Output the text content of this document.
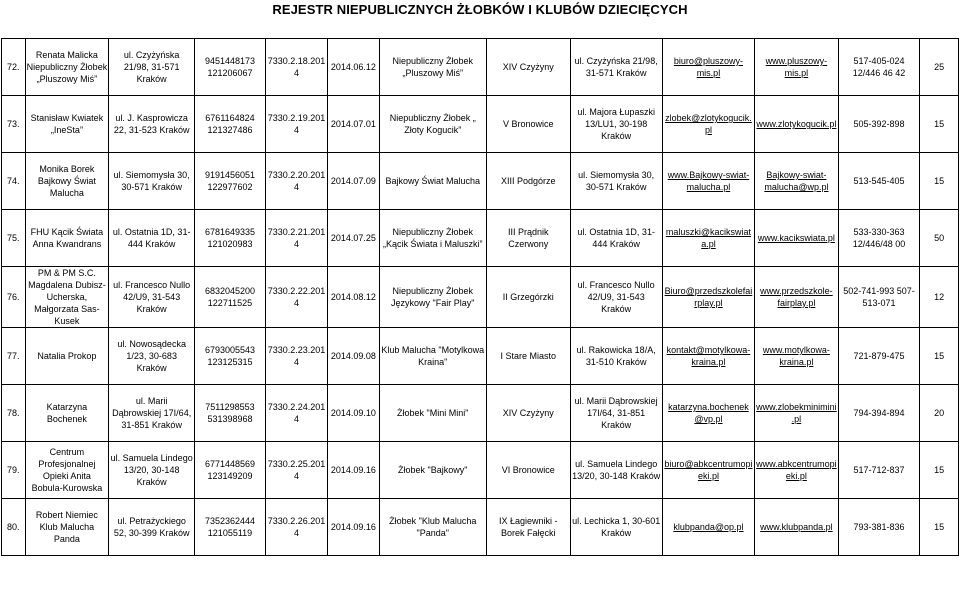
REJESTR NIEPUBLICZNYCH ŻŁOBKÓW I KLUBÓW DZIECIĘCYCH
72.	Renata Malicka Niepubliczny Żłobek „Pluszowy Miś”	ul. Czyżyńska 21/98, 31-571 Kraków	9451448173 121206067	7330.2.18.2014	2014.06.12	Niepubliczny Żłobek „Pluszowy Miś”	XIV Czyżyny	ul. Czyżyńska 21/98, 31-571 Kraków	biuro@pluszowy-mis.pl	www.pluszowy-mis.pl	517-405-024 12/446 46 42	25
73.	Stanisław Kwiatek „InеSta”	ul. J. Kasprowicza 22, 31-523 Kraków	6761164824 121327486	7330.2.19.2014	2014.07.01	Niepubliczny Żłobek „ Złoty Kogucik”	V Bronowice	ul. Majora Łupaszki 13/LU1, 30-198 Kraków	zlobek@zlotykogucik.pl	www.zlotykogucik.pl	505-392-898	15
74.	Monika Borek Bajkowy Świat Malucha	ul. Siemomysła 30, 30-571 Kraków	9191456051 122977602	7330.2.20.2014	2014.07.09	Bajkowy Świat Malucha	XIII Podgórze	ul. Siemomysła 30, 30-571 Kraków	www.Bajkowy-swiat-malucha.pl	Bajkowy-swiat-malucha@wp.pl	513-545-405	15
75.	FHU Kącik Świata Anna Kwandrans	ul. Ostatnia 1D, 31-444 Kraków	6781649335 121020983	7330.2.21.2014	2014.07.25	Niepubliczny Żłobek „Kącik Świata i Maluszki”	III Prądnik Czerwony	ul. Ostatnia 1D, 31-444 Kraków	maluszki@kacikswiata.pl	www.kacikswiata.pl	533-330-363 12/446/48 00	50
76.	PM & PM S.C. Magdalena Dubisz-Ucherska, Małgorzata Sas-Kusek	ul. Francesco Nullo 42/U9, 31-543 Kraków	6832045200 122711525	7330.2.22.2014	2014.08.12	Niepubliczny Żłobek Językowy "Fair Play"	II Grzegórzki	ul. Francesco Nullo 42/U9, 31-543 Kraków	Biuro@przedszkolefairplay.pl	www.przedszkole-fairplay.pl	502-741-993 507-513-071	12
77.	Natalia Prokop	ul. Nowosądecka 1/23, 30-683 Kraków	6793005543 123125315	7330.2.23.2014	2014.09.08	Klub Malucha "Motylkowa Kraina"	I Stare Miasto	ul. Rakowicka 18/A, 31-510 Kraków	kontakt@motylkowa-kraina.pl	www.motylkowa-kraina.pl	721-879-475	15
78.	Katarzyna Bochenek	ul. Marii Dąbrowskiej 17I/64, 31-851 Kraków	7511298553 531398968	7330.2.24.2014	2014.09.10	Żłobek "Mini Mini"	XIV Czyżyny	ul. Marii Dąbrowskiej 17I/64, 31-851 Kraków	katarzyna.bochenek@vp.pl	www.zlobekminimini.pl	794-394-894	20
79.	Centrum Profesjonalnej Opieki Anita Bobula-Kurowska	ul. Samuela Lindego 13/20, 30-148 Kraków	6771448569 123149209	7330.2.25.2014	2014.09.16	Żłobek "Bajkowy"	VI Bronowice	ul. Samuela Lindego 13/20, 30-148 Kraków	biuro@abkcentrumopieki.pl	www.abkcentrumopieki.pl	517-712-837	15
80.	Robert Niemiec Klub Malucha Panda	ul. Petrażyckiego 52, 30-399 Kraków	7352362444 121055119	7330.2.26.2014	2014.09.16	Żłobek "Klub Malucha "Panda"	IX Łagiewniki - Borek Fałęcki	ul. Lechicka 1, 30-601 Kraków	klubpanda@op.pl	www.klubpanda.pl	793-381-836	15
